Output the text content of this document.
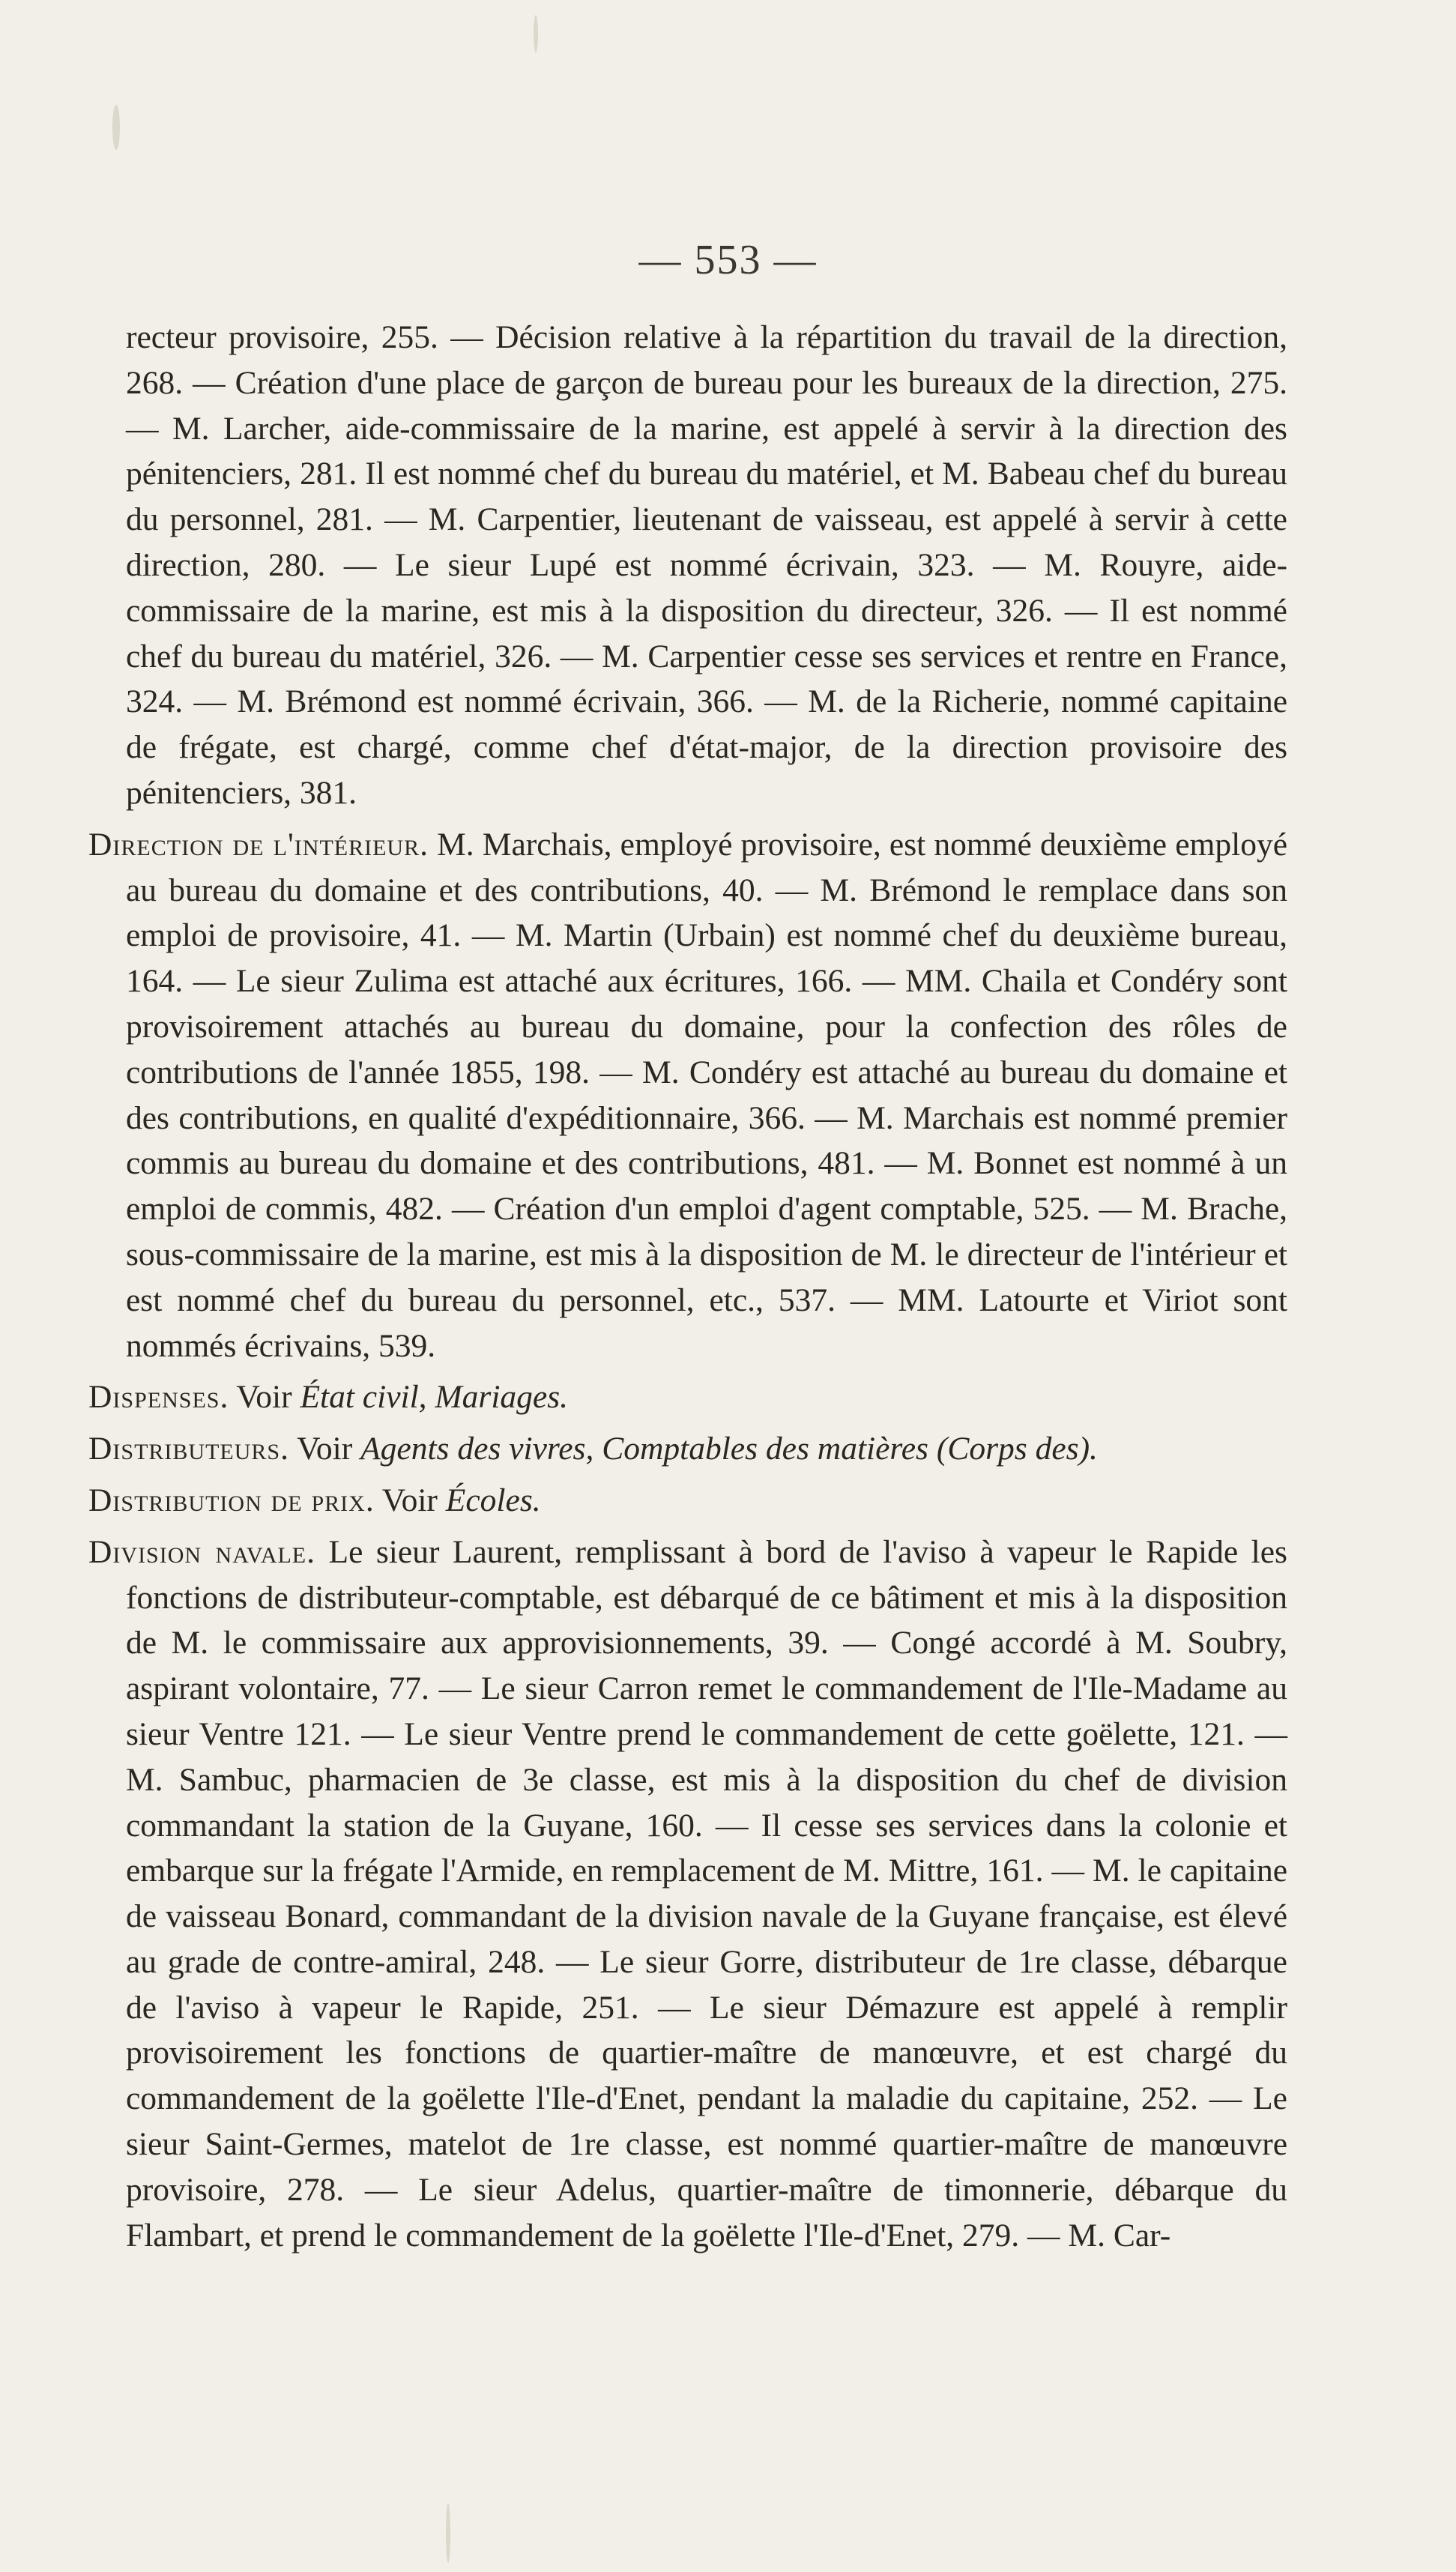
— 553 —

recteur provisoire, 255. — Décision relative à la répartition du travail de la direction, 268. — Création d'une place de garçon de bureau pour les bureaux de la direction, 275. — M. Larcher, aide-commissaire de la marine, est appelé à servir à la direction des pénitenciers, 281. Il est nommé chef du bureau du matériel, et M. Babeau chef du bureau du personnel, 281. — M. Carpentier, lieutenant de vaisseau, est appelé à servir à cette direction, 280. — Le sieur Lupé est nommé écrivain, 323. — M. Rouyre, aide-commissaire de la marine, est mis à la disposition du directeur, 326. — Il est nommé chef du bureau du matériel, 326. — M. Carpentier cesse ses services et rentre en France, 324. — M. Brémond est nommé écrivain, 366. — M. de la Richerie, nommé capitaine de frégate, est chargé, comme chef d'état-major, de la direction provisoire des pénitenciers, 381.

Direction de l'intérieur. M. Marchais, employé provisoire, est nommé deuxième employé au bureau du domaine et des contributions, 40. — M. Brémond le remplace dans son emploi de provisoire, 41. — M. Martin (Urbain) est nommé chef du deuxième bureau, 164. — Le sieur Zulima est attaché aux écritures, 166. — MM. Chaila et Condéry sont provisoirement attachés au bureau du domaine, pour la confection des rôles de contributions de l'année 1855, 198. — M. Condéry est attaché au bureau du domaine et des contributions, en qualité d'expéditionnaire, 366. — M. Marchais est nommé premier commis au bureau du domaine et des contributions, 481. — M. Bonnet est nommé à un emploi de commis, 482. — Création d'un emploi d'agent comptable, 525. — M. Brache, sous-commissaire de la marine, est mis à la disposition de M. le directeur de l'intérieur et est nommé chef du bureau du personnel, etc., 537. — MM. Latourte et Viriot sont nommés écrivains, 539.

Dispenses. Voir État civil, Mariages.

Distributeurs. Voir Agents des vivres, Comptables des matières (Corps des).

Distribution de prix. Voir Écoles.

Division navale. Le sieur Laurent, remplissant à bord de l'aviso à vapeur le Rapide les fonctions de distributeur-comptable, est débarqué de ce bâtiment et mis à la disposition de M. le commissaire aux approvisionnements, 39. — Congé accordé à M. Soubry, aspirant volontaire, 77. — Le sieur Carron remet le commandement de l'Ile-Madame au sieur Ventre 121. — Le sieur Ventre prend le commandement de cette goëlette, 121. — M. Sambuc, pharmacien de 3e classe, est mis à la disposition du chef de division commandant la station de la Guyane, 160. — Il cesse ses services dans la colonie et embarque sur la frégate l'Armide, en remplacement de M. Mittre, 161. — M. le capitaine de vaisseau Bonard, commandant de la division navale de la Guyane française, est élevé au grade de contre-amiral, 248. — Le sieur Gorre, distributeur de 1re classe, débarque de l'aviso à vapeur le Rapide, 251. — Le sieur Démazure est appelé à remplir provisoirement les fonctions de quartier-maître de manœuvre, et est chargé du commandement de la goëlette l'Ile-d'Enet, pendant la maladie du capitaine, 252. — Le sieur Saint-Germes, matelot de 1re classe, est nommé quartier-maître de manœuvre provisoire, 278. — Le sieur Adelus, quartier-maître de timonnerie, débarque du Flambart, et prend le commandement de la goëlette l'Ile-d'Enet, 279. — M. Car-
